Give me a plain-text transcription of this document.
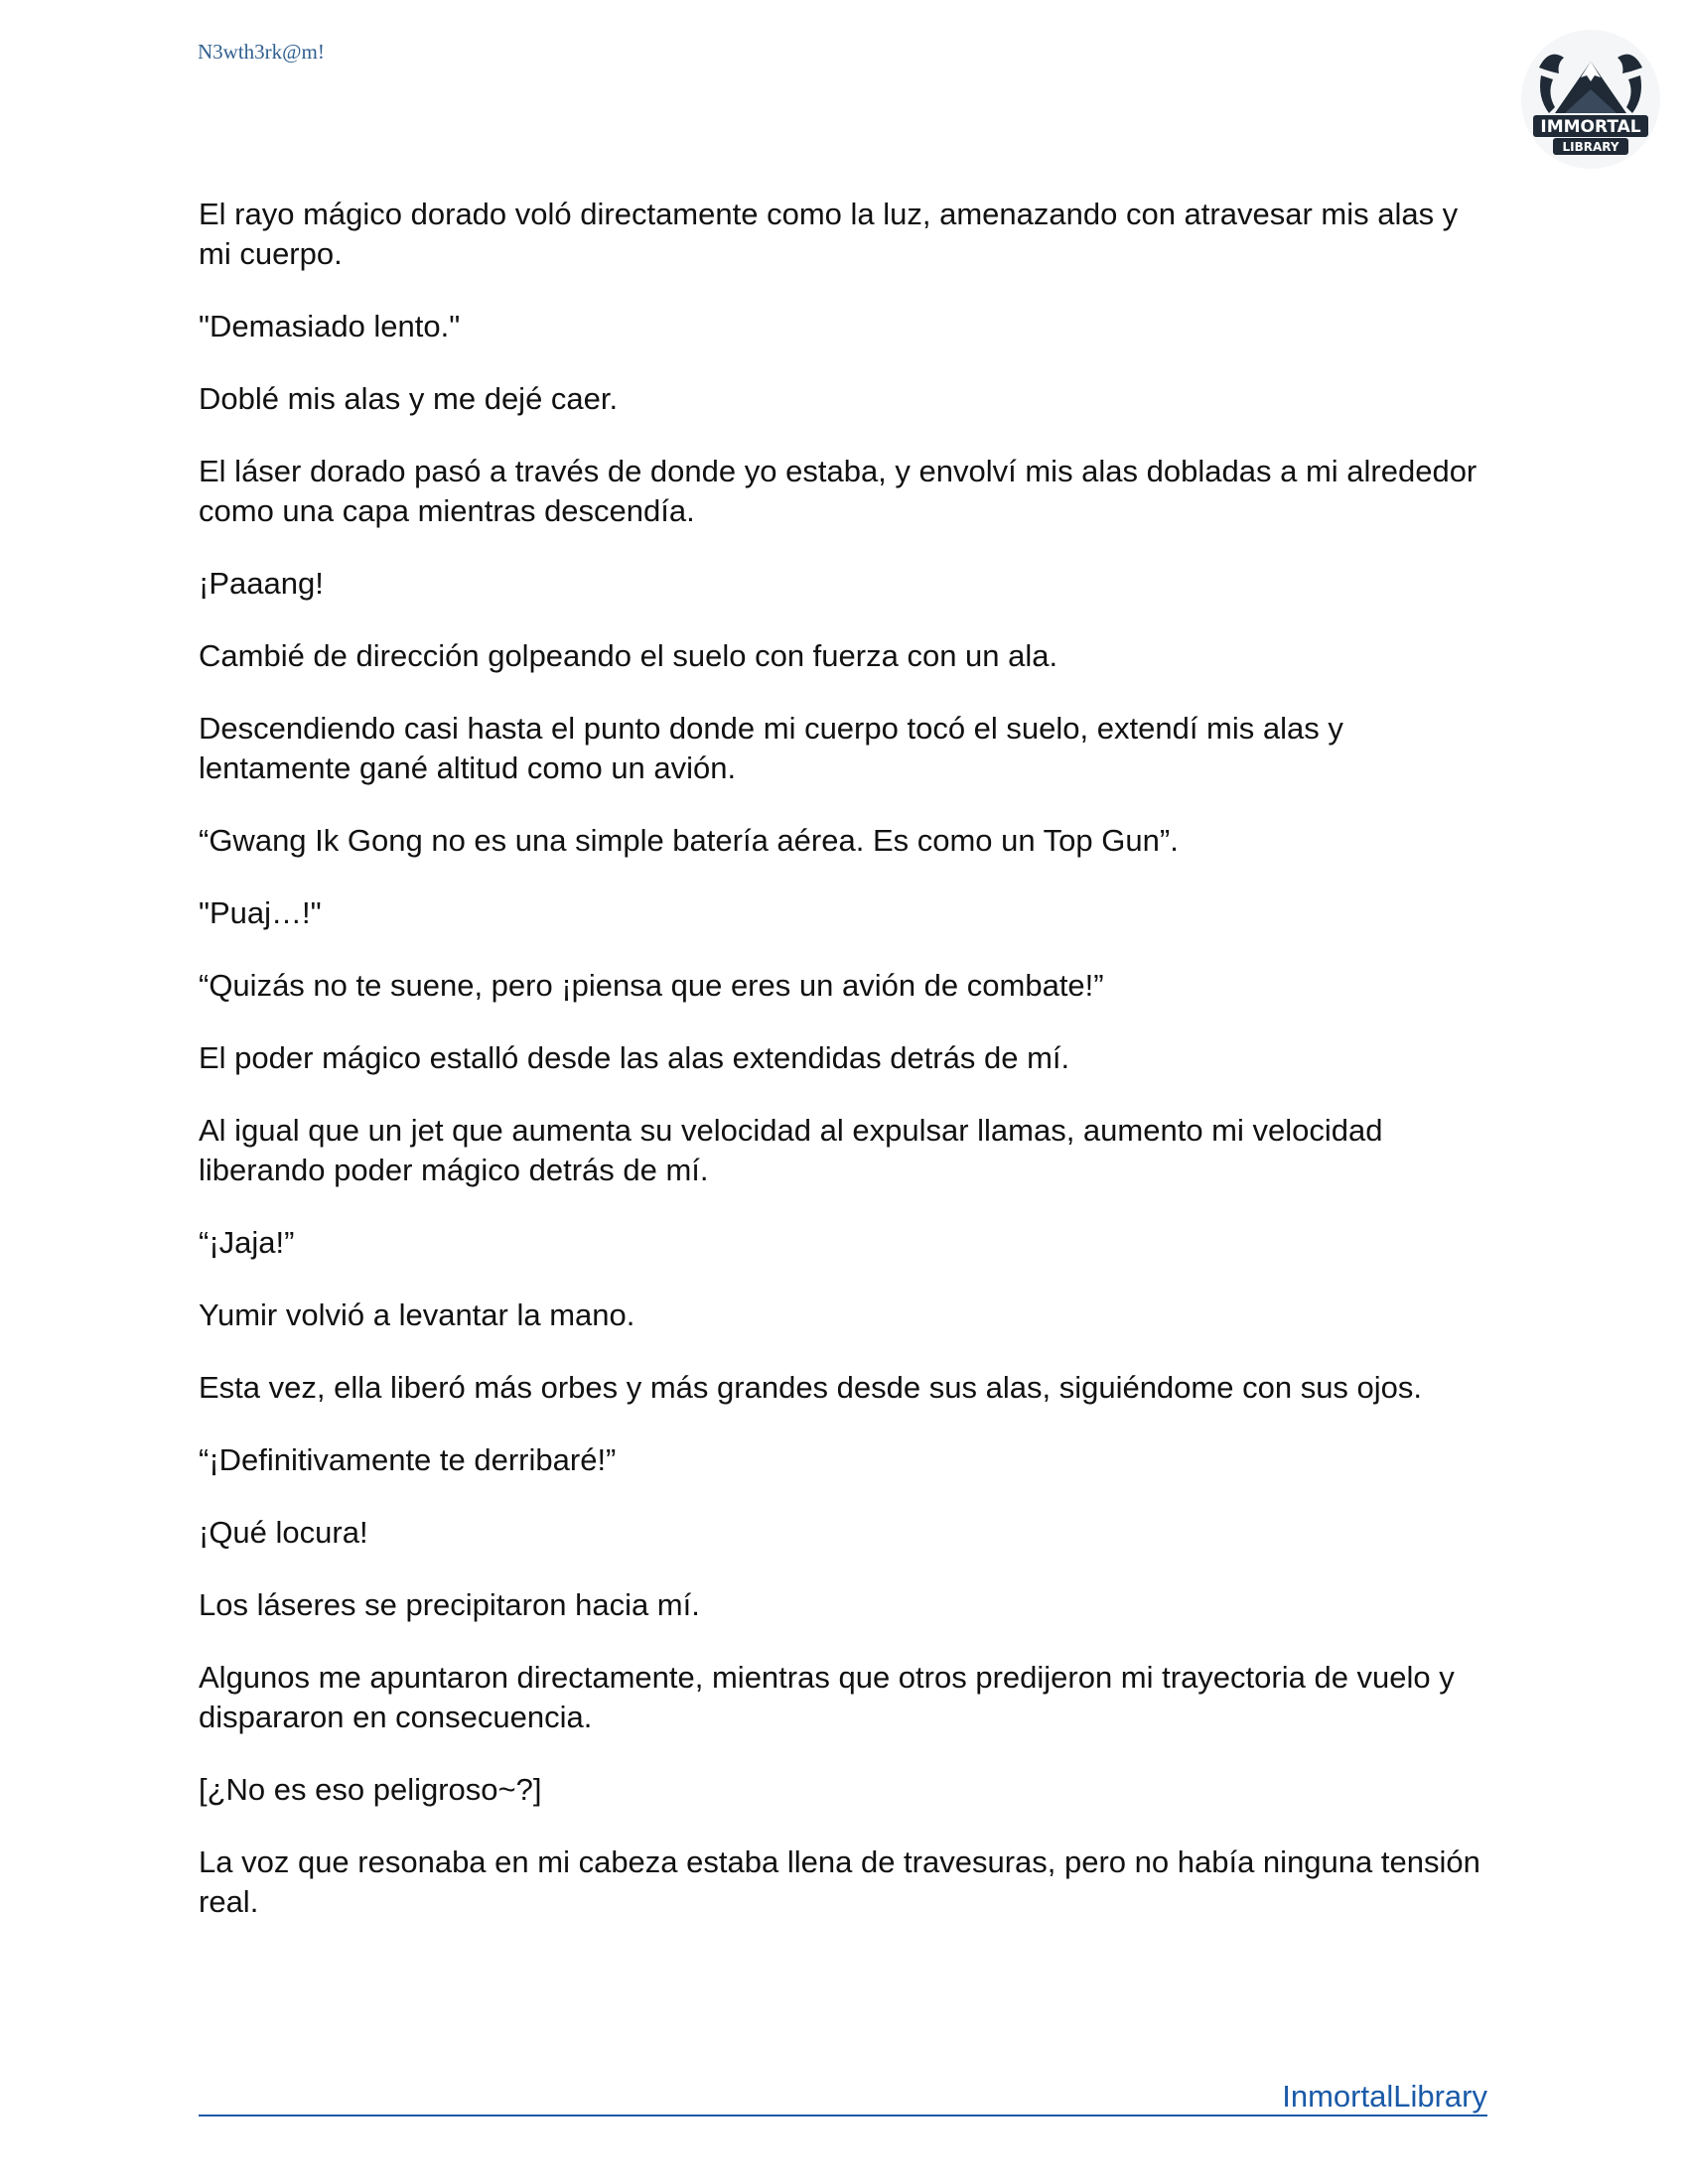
N3wth3rk@m!
IMMORTAL
LIBRARY

El rayo mágico dorado voló directamente como la luz, amenazando con atravesar mis alas y mi cuerpo.

"Demasiado lento."

Doblé mis alas y me dejé caer.

El láser dorado pasó a través de donde yo estaba, y envolví mis alas dobladas a mi alrededor como una capa mientras descendía.

¡Paaang!

Cambié de dirección golpeando el suelo con fuerza con un ala.

Descendiendo casi hasta el punto donde mi cuerpo tocó el suelo, extendí mis alas y lentamente gané altitud como un avión.

“Gwang Ik Gong no es una simple batería aérea. Es como un Top Gun”.

"Puaj…!"

“Quizás no te suene, pero ¡piensa que eres un avión de combate!”

El poder mágico estalló desde las alas extendidas detrás de mí.

Al igual que un jet que aumenta su velocidad al expulsar llamas, aumento mi velocidad liberando poder mágico detrás de mí.

“¡Jaja!”

Yumir volvió a levantar la mano.

Esta vez, ella liberó más orbes y más grandes desde sus alas, siguiéndome con sus ojos.

“¡Definitivamente te derribaré!”

¡Qué locura!

Los láseres se precipitaron hacia mí.

Algunos me apuntaron directamente, mientras que otros predijeron mi trayectoria de vuelo y dispararon en consecuencia.

[¿No es eso peligroso~?]

La voz que resonaba en mi cabeza estaba llena de travesuras, pero no había ninguna tensión real.

InmortalLibrary
